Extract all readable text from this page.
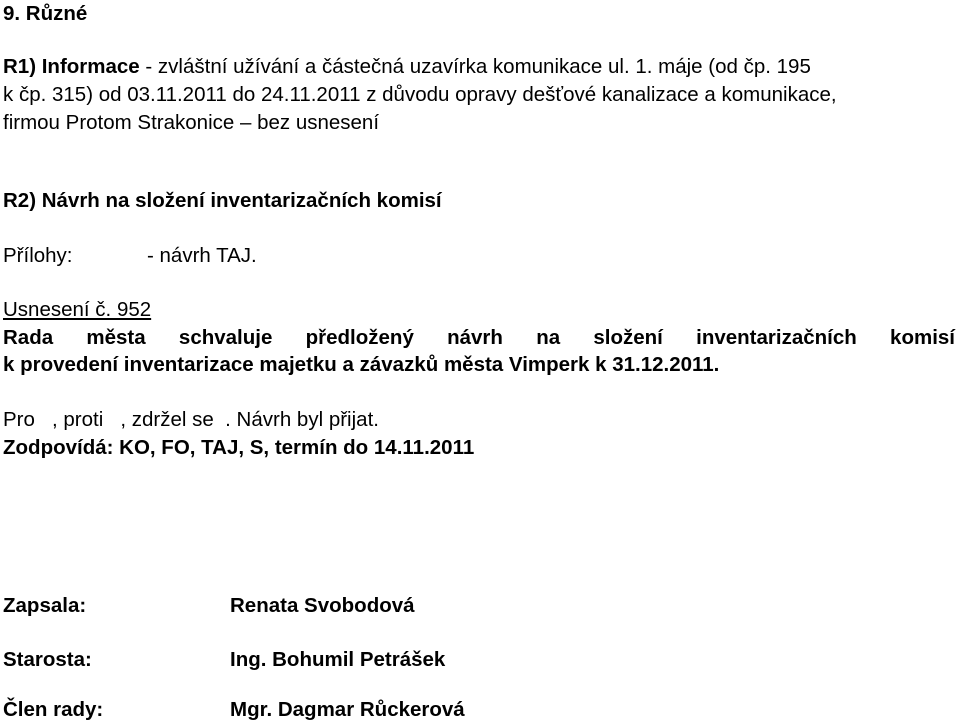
9. Různé
R1) Informace - zvláštní užívání a částečná uzavírka komunikace ul. 1. máje (od čp. 195
k čp. 315) od 03.11.2011 do 24.11.2011 z důvodu opravy dešťové kanalizace a komunikace,
firmou Protom Strakonice – bez usnesení
R2) Návrh na složení inventarizačních komisí
Přílohy:	- návrh TAJ.
Usnesení č. 952
Rada města schvaluje předložený návrh na složení inventarizačních komisí
k provedení inventarizace majetku a závazků města Vimperk k 31.12.2011.
Pro   , proti   , zdržel se  . Návrh byl přijat.
Zodpovídá: KO, FO, TAJ, S, termín do 14.11.2011
Zapsala:	Renata Svobodová
Starosta:	Ing. Bohumil Petrášek
Člen rady:	Mgr. Dagmar Růckerová
